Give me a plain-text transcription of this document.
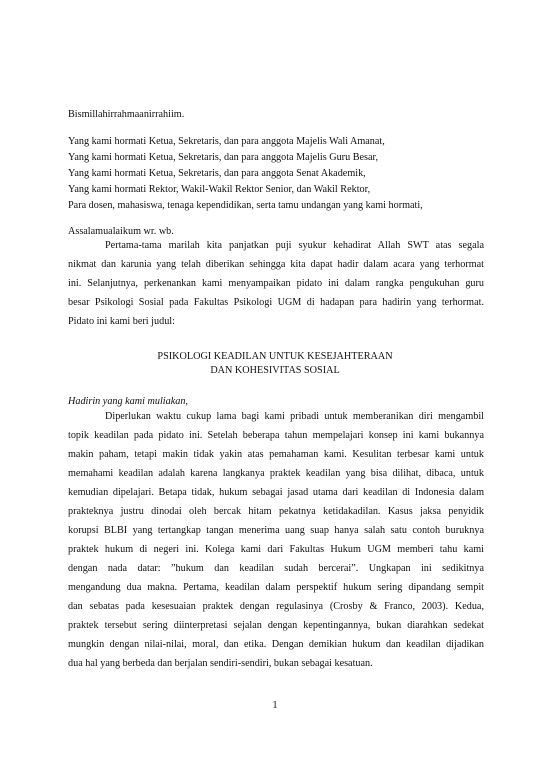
Bismillahirrahmaanirrahiim.
Yang kami hormati Ketua, Sekretaris, dan para anggota Majelis Wali Amanat,
Yang kami hormati Ketua, Sekretaris, dan para anggota Majelis Guru Besar,
Yang kami hormati Ketua, Sekretaris, dan para anggota Senat Akademik,
Yang kami hormati Rektor, Wakil-Wakil Rektor Senior, dan Wakil Rektor,
Para dosen, mahasiswa, tenaga kependidikan, serta tamu undangan yang kami hormati,
Assalamualaikum wr. wb.
Pertama-tama marilah kita panjatkan puji syukur kehadirat Allah SWT atas segala
nikmat dan karunia yang telah diberikan sehingga kita dapat hadir dalam acara yang terhormat
ini. Selanjutnya, perkenankan kami menyampaikan pidato ini dalam rangka pengukuhan guru
besar Psikologi Sosial pada Fakultas Psikologi UGM di hadapan para hadirin yang terhormat.
Pidato ini kami beri judul:
PSIKOLOGI KEADILAN UNTUK KESEJAHTERAAN
DAN KOHESIVITAS SOSIAL
Hadirin yang kami muliakan,
Diperlukan waktu cukup lama bagi kami pribadi untuk memberanikan diri mengambil
topik keadilan pada pidato ini. Setelah beberapa tahun mempelajari konsep ini kami bukannya
makin paham, tetapi makin tidak yakin atas pemahaman kami. Kesulitan terbesar kami untuk
memahami keadilan adalah karena langkanya praktek keadilan yang bisa dilihat, dibaca, untuk
kemudian dipelajari. Betapa tidak, hukum sebagai jasad utama dari keadilan di Indonesia dalam
prakteknya justru dinodai oleh bercak hitam pekatnya ketidakadilan. Kasus jaksa penyidik
korupsi BLBI yang tertangkap tangan menerima uang suap hanya salah satu contoh buruknya
praktek hukum di negeri ini. Kolega kami dari Fakultas Hukum UGM memberi tahu kami
dengan nada datar: ”hukum dan keadilan sudah bercerai”. Ungkapan ini sedikitnya
mengandung dua makna. Pertama, keadilan dalam perspektif hukum sering dipandang sempit
dan sebatas pada kesesuaian praktek dengan regulasinya (Crosby & Franco, 2003). Kedua,
praktek tersebut sering diinterpretasi sejalan dengan kepentingannya, bukan diarahkan sedekat
mungkin dengan nilai-nilai, moral, dan etika. Dengan demikian hukum dan keadilan dijadikan
dua hal yang berbeda dan berjalan sendiri-sendiri, bukan sebagai kesatuan.
1
